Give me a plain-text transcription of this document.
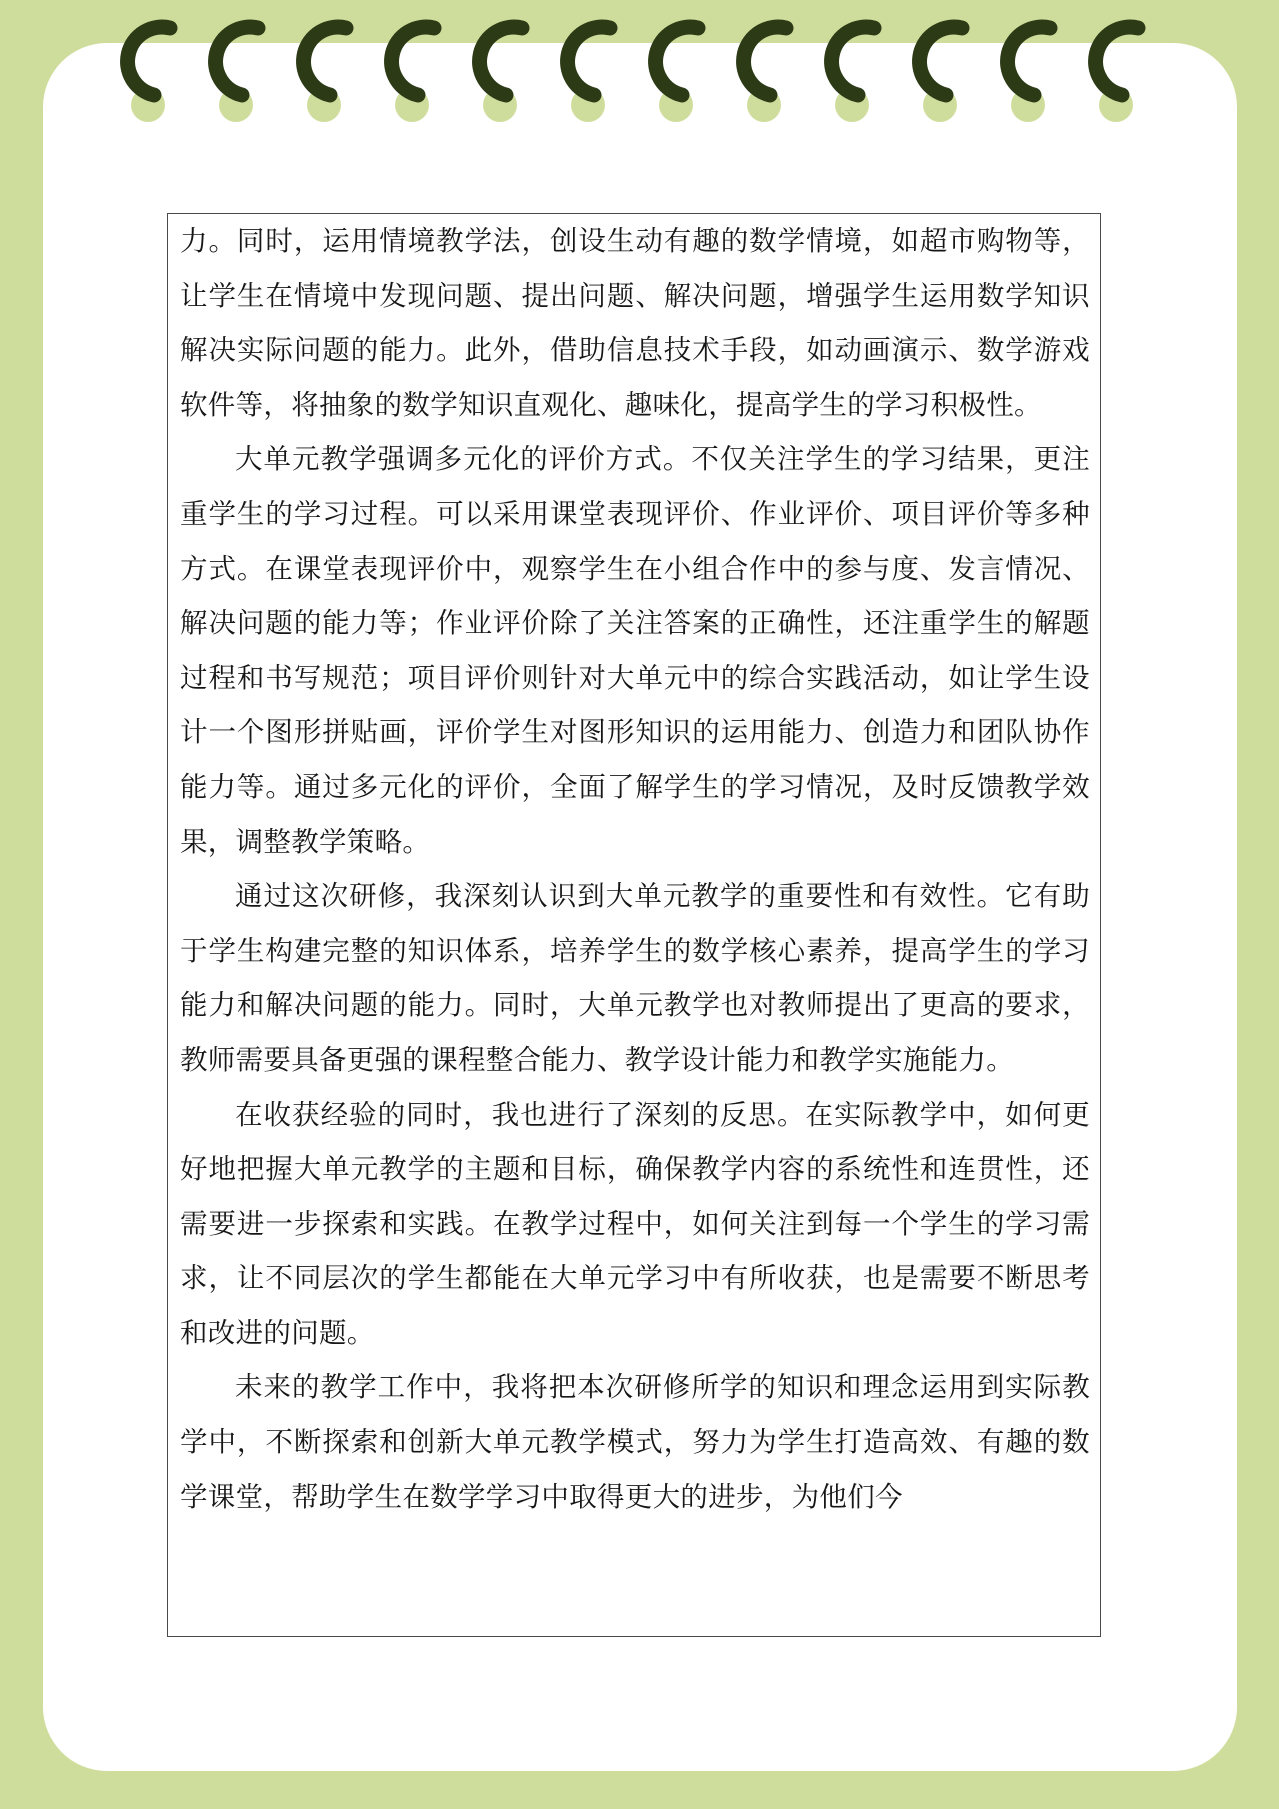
力。同时，运用情境教学法，创设生动有趣的数学情境，如超市购物等，让学生在情境中发现问题、提出问题、解决问题，增强学生运用数学知识解决实际问题的能力。此外，借助信息技术手段，如动画演示、数学游戏软件等，将抽象的数学知识直观化、趣味化，提高学生的学习积极性。

大单元教学强调多元化的评价方式。不仅关注学生的学习结果，更注重学生的学习过程。可以采用课堂表现评价、作业评价、项目评价等多种方式。在课堂表现评价中，观察学生在小组合作中的参与度、发言情况、解决问题的能力等；作业评价除了关注答案的正确性，还注重学生的解题过程和书写规范；项目评价则针对大单元中的综合实践活动，如让学生设计一个图形拼贴画，评价学生对图形知识的运用能力、创造力和团队协作能力等。通过多元化的评价，全面了解学生的学习情况，及时反馈教学效果，调整教学策略。

通过这次研修，我深刻认识到大单元教学的重要性和有效性。它有助于学生构建完整的知识体系，培养学生的数学核心素养，提高学生的学习能力和解决问题的能力。同时，大单元教学也对教师提出了更高的要求，教师需要具备更强的课程整合能力、教学设计能力和教学实施能力。

在收获经验的同时，我也进行了深刻的反思。在实际教学中，如何更好地把握大单元教学的主题和目标，确保教学内容的系统性和连贯性，还需要进一步探索和实践。在教学过程中，如何关注到每一个学生的学习需求，让不同层次的学生都能在大单元学习中有所收获，也是需要不断思考和改进的问题。

未来的教学工作中，我将把本次研修所学的知识和理念运用到实际教学中，不断探索和创新大单元教学模式，努力为学生打造高效、有趣的数学课堂，帮助学生在数学学习中取得更大的进步，为他们今
